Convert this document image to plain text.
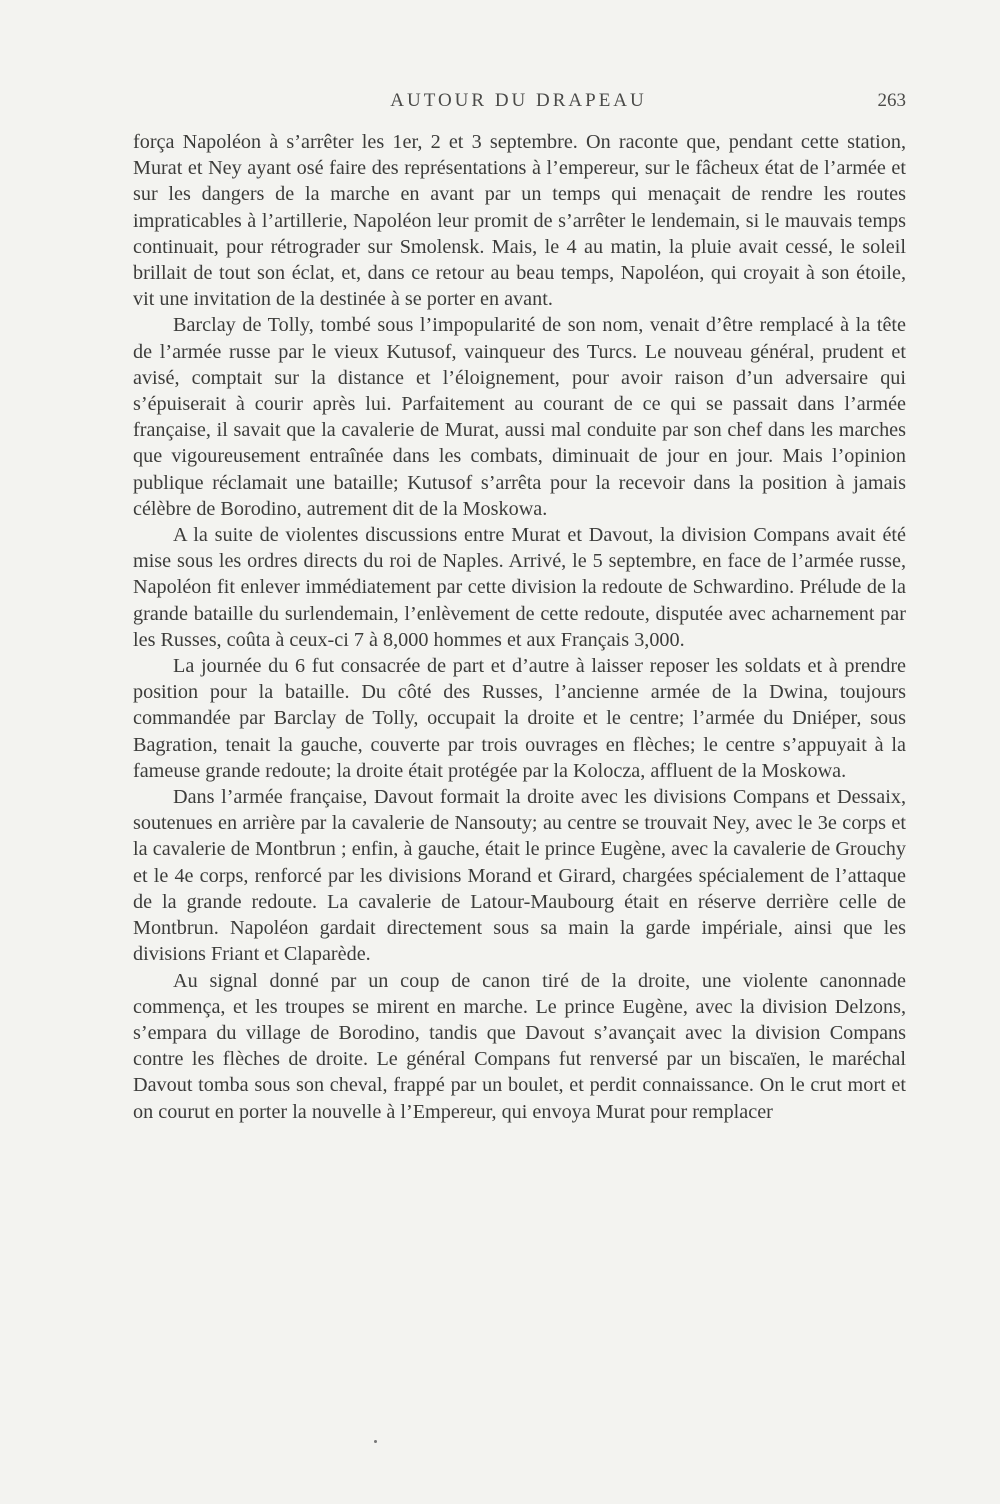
AUTOUR DU DRAPEAU	263

força Napoléon à s’arrêter les 1er, 2 et 3 septembre. On raconte que, pendant cette station, Murat et Ney ayant osé faire des représentations à l’empereur, sur le fâcheux état de l’armée et sur les dangers de la marche en avant par un temps qui menaçait de rendre les routes impraticables à l’artillerie, Napoléon leur promit de s’arrêter le lendemain, si le mauvais temps continuait, pour rétrograder sur Smolensk. Mais, le 4 au matin, la pluie avait cessé, le soleil brillait de tout son éclat, et, dans ce retour au beau temps, Napoléon, qui croyait à son étoile, vit une invitation de la destinée à se porter en avant.

Barclay de Tolly, tombé sous l’impopularité de son nom, venait d’être remplacé à la tête de l’armée russe par le vieux Kutusof, vainqueur des Turcs. Le nouveau général, prudent et avisé, comptait sur la distance et l’éloignement, pour avoir raison d’un adversaire qui s’épuiserait à courir après lui. Parfaitement au courant de ce qui se passait dans l’armée française, il savait que la cavalerie de Murat, aussi mal conduite par son chef dans les marches que vigoureusement entraînée dans les combats, diminuait de jour en jour. Mais l’opinion publique réclamait une bataille; Kutusof s’arrêta pour la recevoir dans la position à jamais célèbre de Borodino, autrement dit de la Moskowa.

A la suite de violentes discussions entre Murat et Davout, la division Compans avait été mise sous les ordres directs du roi de Naples. Arrivé, le 5 septembre, en face de l’armée russe, Napoléon fit enlever immédiatement par cette division la redoute de Schwardino. Prélude de la grande bataille du surlendemain, l’enlèvement de cette redoute, disputée avec acharnement par les Russes, coûta à ceux-ci 7 à 8,000 hommes et aux Français 3,000.

La journée du 6 fut consacrée de part et d’autre à laisser reposer les soldats et à prendre position pour la bataille. Du côté des Russes, l’ancienne armée de la Dwina, toujours commandée par Barclay de Tolly, occupait la droite et le centre; l’armée du Dniéper, sous Bagration, tenait la gauche, couverte par trois ouvrages en flèches; le centre s’appuyait à la fameuse grande redoute; la droite était protégée par la Kolocza, affluent de la Moskowa.

Dans l’armée française, Davout formait la droite avec les divisions Compans et Dessaix, soutenues en arrière par la cavalerie de Nansouty; au centre se trouvait Ney, avec le 3e corps et la cavalerie de Montbrun ; enfin, à gauche, était le prince Eugène, avec la cavalerie de Grouchy et le 4e corps, renforcé par les divisions Morand et Girard, chargées spécialement de l’attaque de la grande redoute. La cavalerie de Latour-Maubourg était en réserve derrière celle de Montbrun. Napoléon gardait directement sous sa main la garde impériale, ainsi que les divisions Friant et Claparède.

Au signal donné par un coup de canon tiré de la droite, une violente canonnade commença, et les troupes se mirent en marche. Le prince Eugène, avec la division Delzons, s’empara du village de Borodino, tandis que Davout s’avançait avec la division Compans contre les flèches de droite. Le général Compans fut renversé par un biscaïen, le maréchal Davout tomba sous son cheval, frappé par un boulet, et perdit connaissance. On le crut mort et on courut en porter la nouvelle à l’Empereur, qui envoya Murat pour remplacer
